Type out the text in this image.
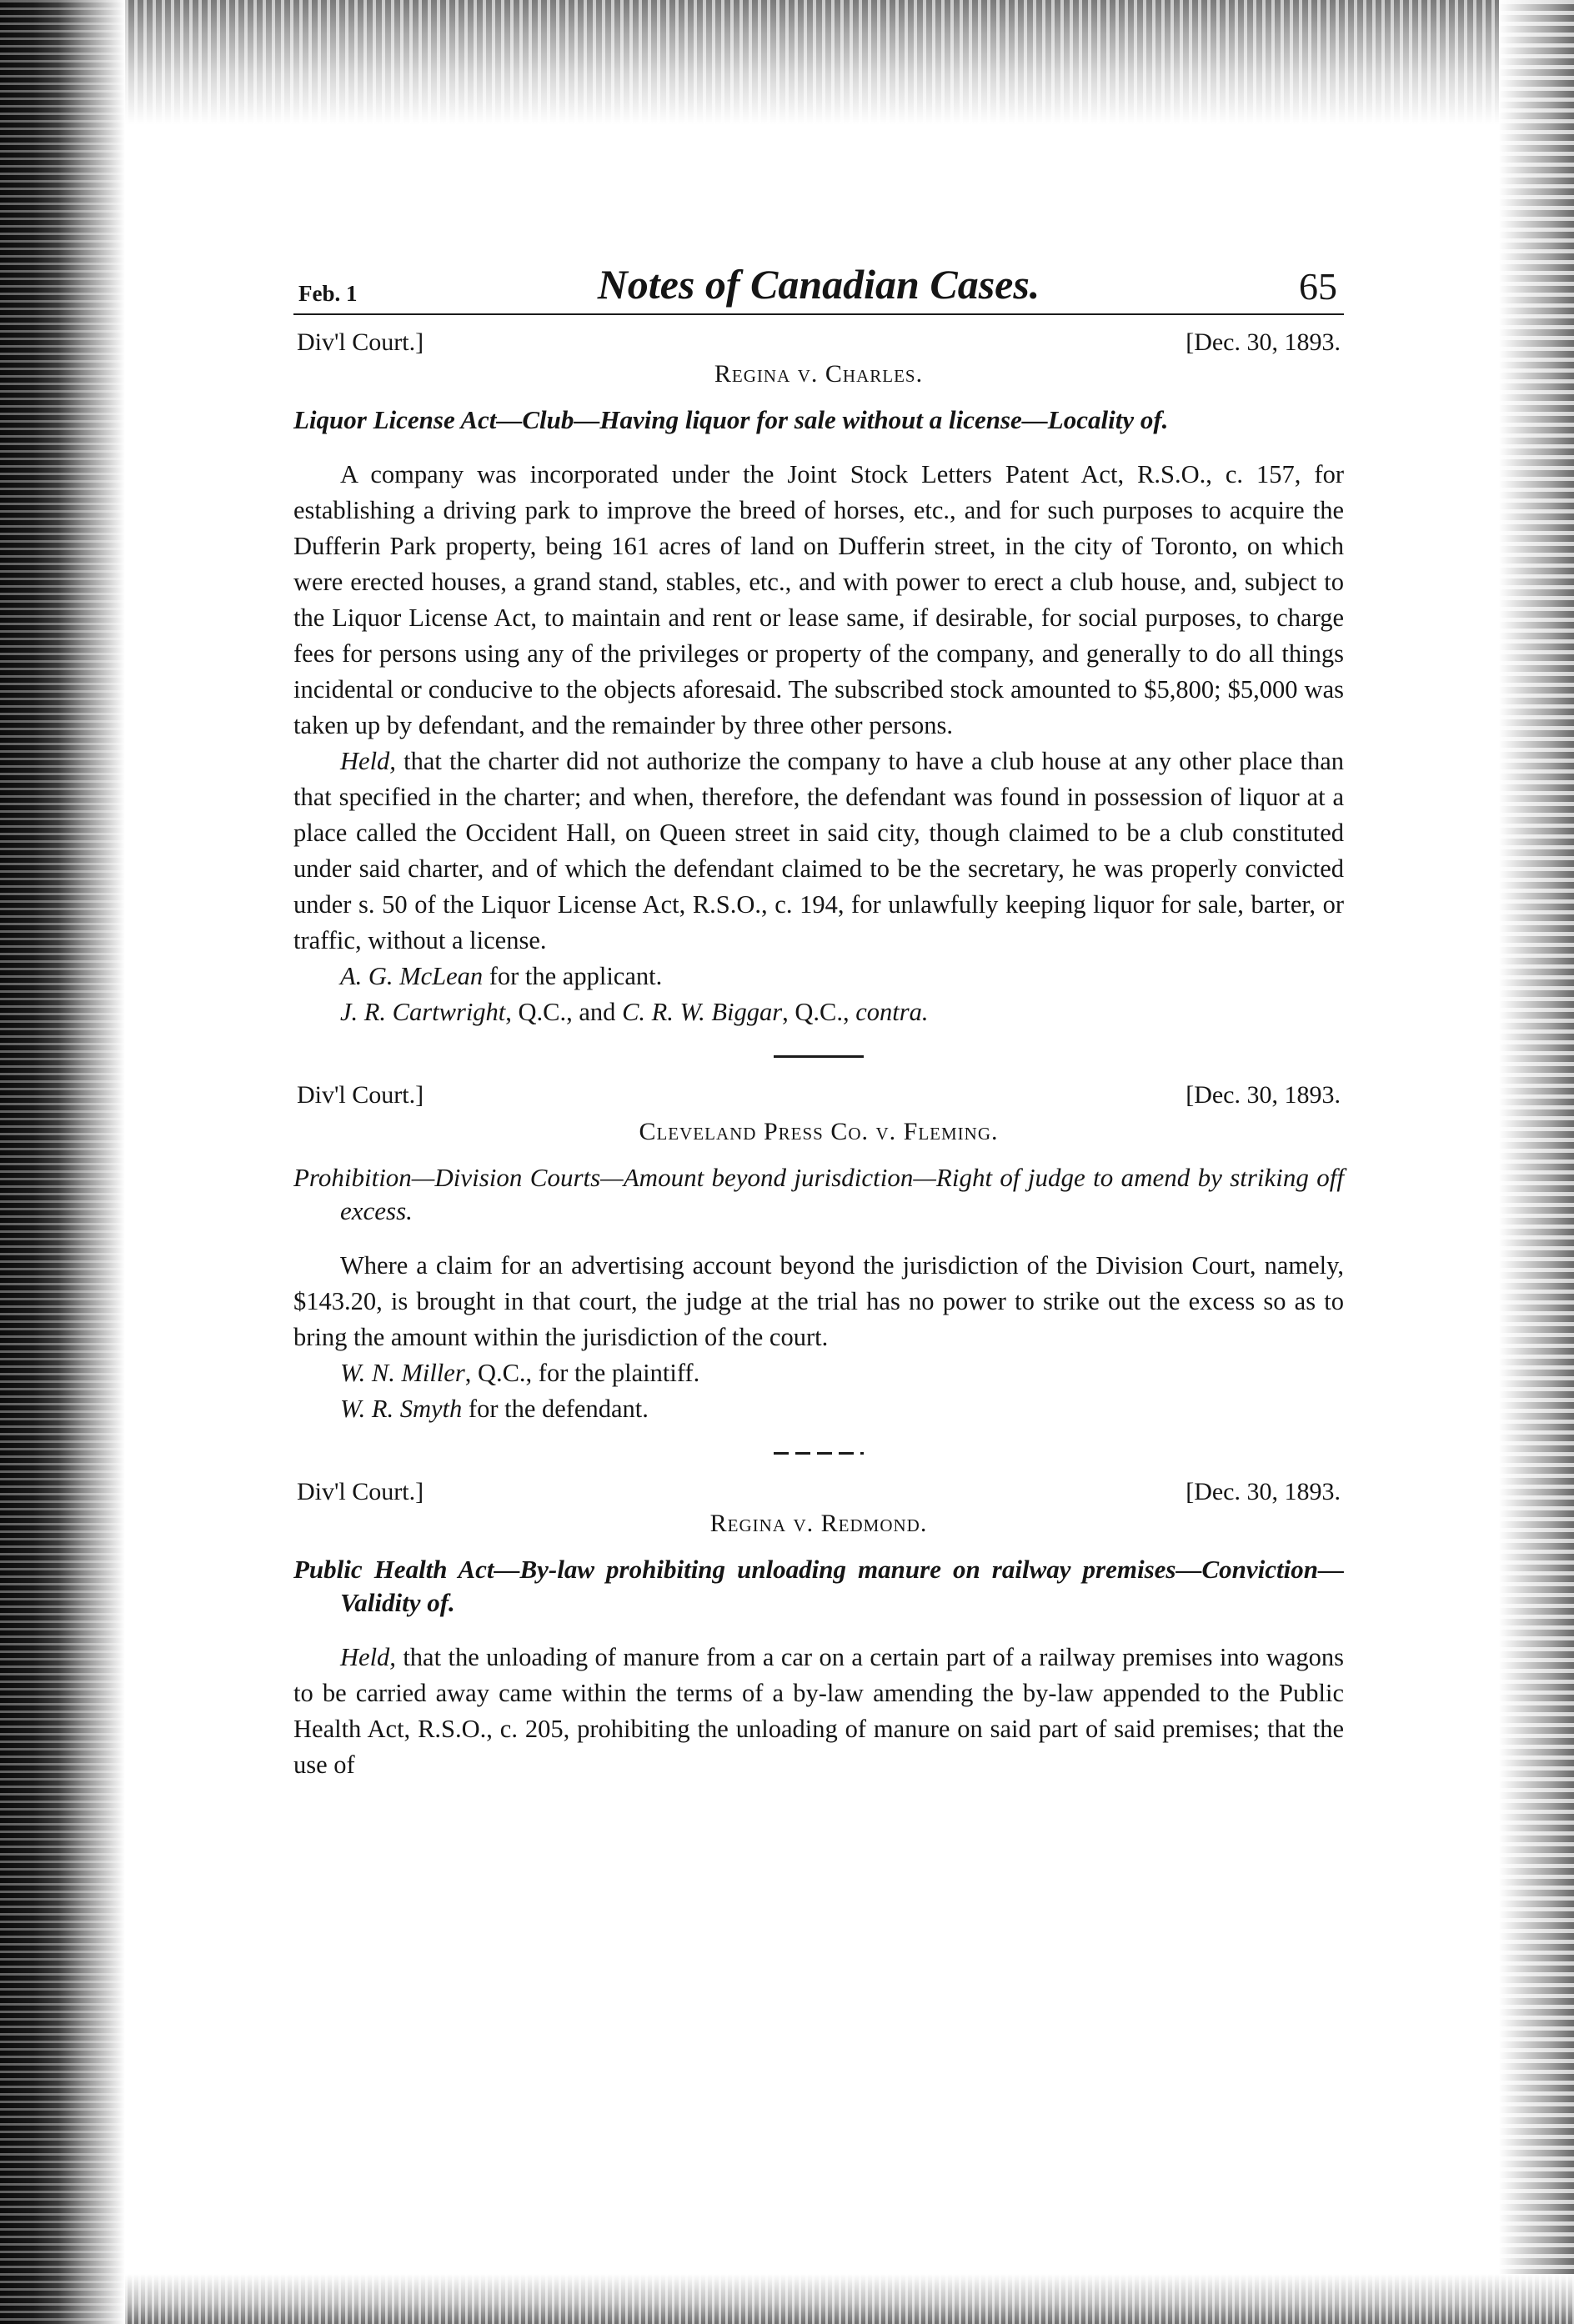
Feb. 1	Notes of Canadian Cases.	65
Div'l Court.]	[Dec. 30, 1893.
Regina v. Charles.
Liquor License Act—Club—Having liquor for sale without a license—Locality of.

A company was incorporated under the Joint Stock Letters Patent Act, R.S.O., c. 157, for establishing a driving park to improve the breed of horses, etc., and for such purposes to acquire the Dufferin Park property, being 161 acres of land on Dufferin street, in the city of Toronto, on which were erected houses, a grand stand, stables, etc., and with power to erect a club house, and, subject to the Liquor License Act, to maintain and rent or lease same, if desirable, for social purposes, to charge fees for persons using any of the privileges or property of the company, and generally to do all things incidental or conducive to the objects aforesaid. The subscribed stock amounted to $5,800; $5,000 was taken up by defendant, and the remainder by three other persons.

Held, that the charter did not authorize the company to have a club house at any other place than that specified in the charter; and when, therefore, the defendant was found in possession of liquor at a place called the Occident Hall, on Queen street in said city, though claimed to be a club constituted under said charter, and of which the defendant claimed to be the secretary, he was properly convicted under s. 50 of the Liquor License Act, R.S.O., c. 194, for unlawfully keeping liquor for sale, barter, or traffic, without a license.

A. G. McLean for the applicant.
J. R. Cartwright, Q.C., and C. R. W. Biggar, Q.C., contra.
Div'l Court.]	[Dec. 30, 1893.
Cleveland Press Co. v. Fleming.
Prohibition—Division Courts—Amount beyond jurisdiction—Right of judge to amend by striking off excess.

Where a claim for an advertising account beyond the jurisdiction of the Division Court, namely, $143.20, is brought in that court, the judge at the trial has no power to strike out the excess so as to bring the amount within the jurisdiction of the court.

W. N. Miller, Q.C., for the plaintiff.
W. R. Smyth for the defendant.
Div'l Court.]	[Dec. 30, 1893.
Regina v. Redmond.
Public Health Act—By-law prohibiting unloading manure on railway premises—Conviction—Validity of.

Held, that the unloading of manure from a car on a certain part of a railway premises into wagons to be carried away came within the terms of a by-law amending the by-law appended to the Public Health Act, R.S.O., c. 205, prohibiting the unloading of manure on said part of said premises; that the use of
